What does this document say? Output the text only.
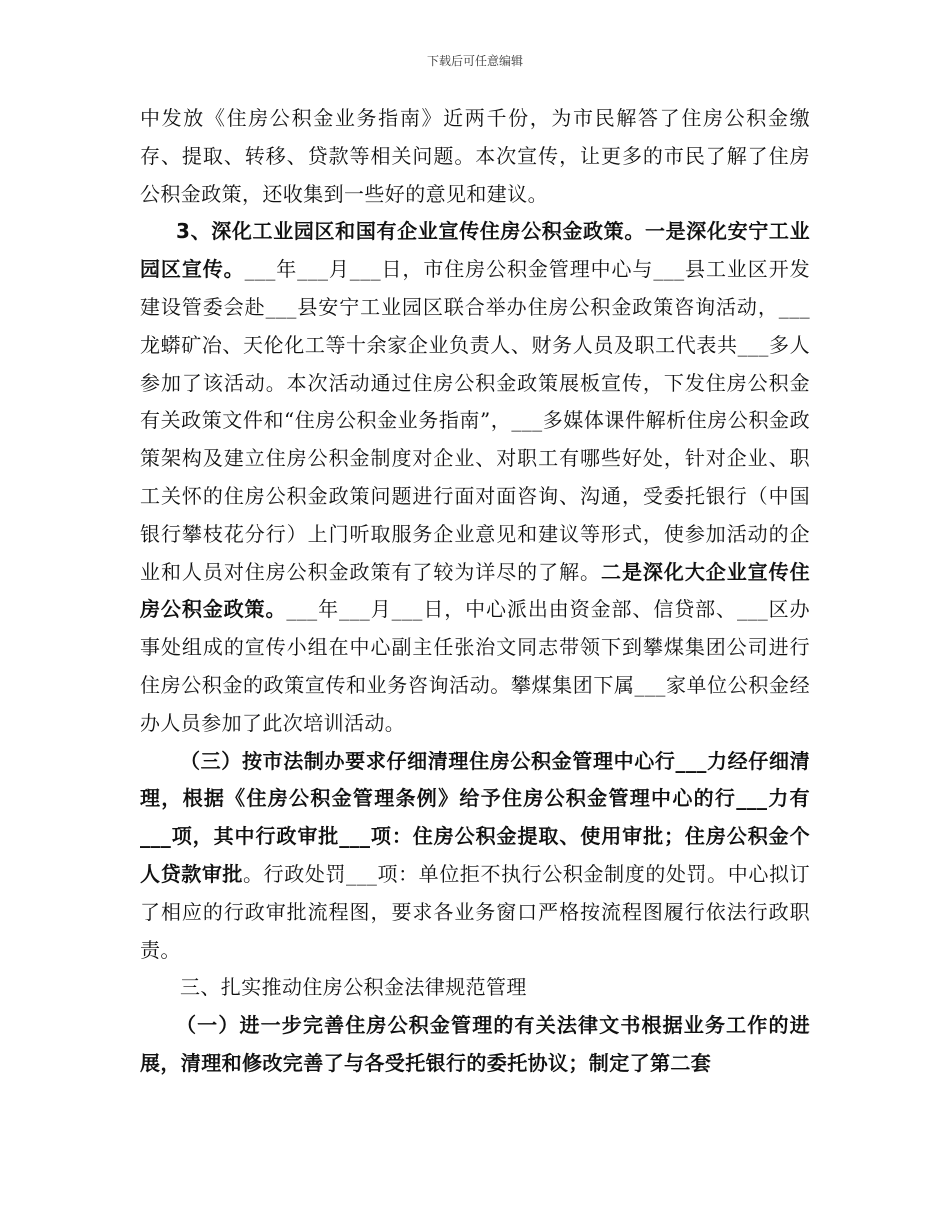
下载后可任意编辑

中发放《住房公积金业务指南》近两千份，为市民解答了住房公积金缴存、提取、转移、贷款等相关问题。本次宣传，让更多的市民了解了住房公积金政策，还收集到一些好的意见和建议。

3、深化工业园区和国有企业宣传住房公积金政策。一是深化安宁工业园区宣传。___年___月___日，市住房公积金管理中心与___县工业区开发建设管委会赴___县安宁工业园区联合举办住房公积金政策咨询活动，___龙蟒矿冶、天伦化工等十余家企业负责人、财务人员及职工代表共___多人参加了该活动。本次活动通过住房公积金政策展板宣传，下发住房公积金有关政策文件和“住房公积金业务指南”，___多媒体课件解析住房公积金政策架构及建立住房公积金制度对企业、对职工有哪些好处，针对企业、职工关怀的住房公积金政策问题进行面对面咨询、沟通，受委托银行（中国银行攀枝花分行）上门听取服务企业意见和建议等形式，使参加活动的企业和人员对住房公积金政策有了较为详尽的了解。二是深化大企业宣传住房公积金政策。___年___月___日，中心派出由资金部、信贷部、___区办事处组成的宣传小组在中心副主任张治文同志带领下到攀煤集团公司进行住房公积金的政策宣传和业务咨询活动。攀煤集团下属___家单位公积金经办人员参加了此次培训活动。

（三）按市法制办要求仔细清理住房公积金管理中心行___力经仔细清理，根据《住房公积金管理条例》给予住房公积金管理中心的行___力有___项，其中行政审批___项：住房公积金提取、使用审批；住房公积金个人贷款审批。行政处罚___项：单位拒不执行公积金制度的处罚。中心拟订了相应的行政审批流程图，要求各业务窗口严格按流程图履行依法行政职责。

三、扎实推动住房公积金法律规范管理

（一）进一步完善住房公积金管理的有关法律文书根据业务工作的进展，清理和修改完善了与各受托银行的委托协议；制定了第二套
